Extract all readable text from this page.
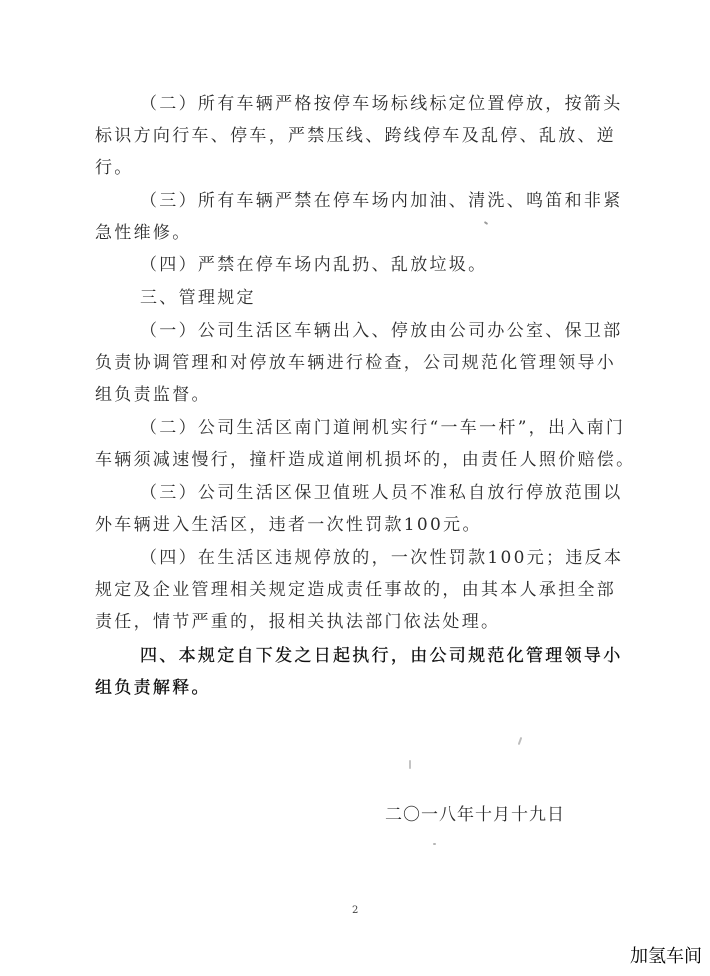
（二）所有车辆严格按停车场标线标定位置停放，按箭头
标识方向行车、停车，严禁压线、跨线停车及乱停、乱放、逆
行。
（三）所有车辆严禁在停车场内加油、清洗、鸣笛和非紧
急性维修。
（四）严禁在停车场内乱扔、乱放垃圾。
三、管理规定
（一）公司生活区车辆出入、停放由公司办公室、保卫部
负责协调管理和对停放车辆进行检查，公司规范化管理领导小
组负责监督。
（二）公司生活区南门道闸机实行“一车一杆”，出入南门
车辆须减速慢行，撞杆造成道闸机损坏的，由责任人照价赔偿。
（三）公司生活区保卫值班人员不准私自放行停放范围以
外车辆进入生活区，违者一次性罚款100元。
（四）在生活区违规停放的，一次性罚款100元；违反本
规定及企业管理相关规定造成责任事故的，由其本人承担全部
责任，情节严重的，报相关执法部门依法处理。
四、本规定自下发之日起执行，由公司规范化管理领导小
组负责解释。
二〇一八年十月十九日
2
加氢车间
